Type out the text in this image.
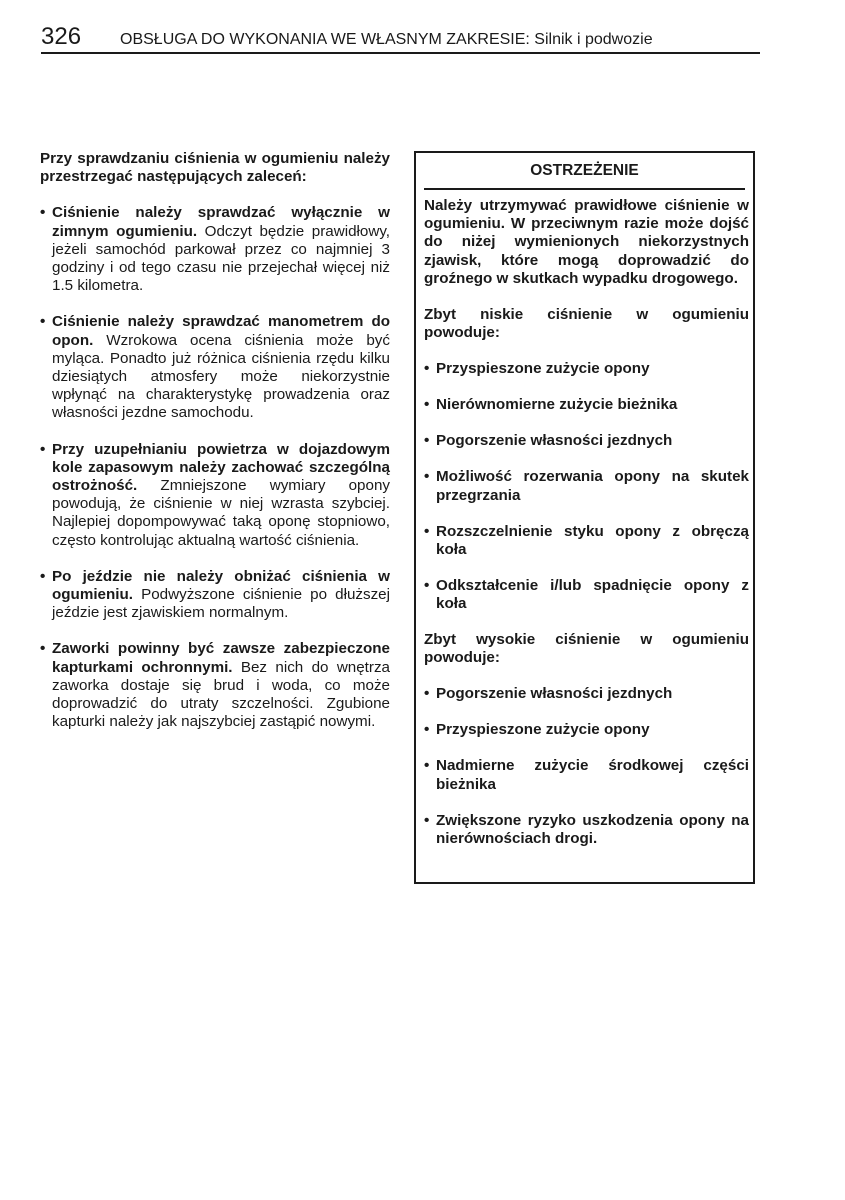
326 OBSŁUGA DO WYKONANIA WE WŁASNYM ZAKRESIE: Silnik i podwozie

Przy sprawdzaniu ciśnienia w ogumieniu należy przestrzegać następujących zaleceń:

• Ciśnienie należy sprawdzać wyłącznie w zimnym ogumieniu. Odczyt będzie prawidłowy, jeżeli samochód parkował przez co najmniej 3 godziny i od tego czasu nie przejechał więcej niż 1.5 kilometra.

• Ciśnienie należy sprawdzać manometrem do opon. Wzrokowa ocena ciśnienia może być myląca. Ponadto już różnica ciśnienia rzędu kilku dziesiątych atmosfery może niekorzystnie wpłynąć na charakterystykę prowadzenia oraz własności jezdne samochodu.

• Przy uzupełnianiu powietrza w dojazdowym kole zapasowym należy zachować szczególną ostrożność. Zmniejszone wymiary opony powodują, że ciśnienie w niej wzrasta szybciej. Najlepiej dopompowywać taką oponę stopniowo, często kontrolując aktualną wartość ciśnienia.

• Po jeździe nie należy obniżać ciśnienia w ogumieniu. Podwyższone ciśnienie po dłuższej jeździe jest zjawiskiem normalnym.

• Zaworki powinny być zawsze zabezpieczone kapturkami ochronnymi. Bez nich do wnętrza zaworka dostaje się brud i woda, co może doprowadzić do utraty szczelności. Zgubione kapturki należy jak najszybciej zastąpić nowymi.

OSTRZEŻENIE

Należy utrzymywać prawidłowe ciśnienie w ogumieniu. W przeciwnym razie może dojść do niżej wymienionych niekorzystnych zjawisk, które mogą doprowadzić do groźnego w skutkach wypadku drogowego.

Zbyt niskie ciśnienie w ogumieniu powoduje:

• Przyspieszone zużycie opony

• Nierównomierne zużycie bieżnika

• Pogorszenie własności jezdnych

• Możliwość rozerwania opony na skutek przegrzania

• Rozszczelnienie styku opony z obręczą koła

• Odkształcenie i/lub spadnięcie opony z koła

Zbyt wysokie ciśnienie w ogumieniu powoduje:

• Pogorszenie własności jezdnych

• Przyspieszone zużycie opony

• Nadmierne zużycie środkowej części bieżnika

• Zwiększone ryzyko uszkodzenia opony na nierównościach drogi.
